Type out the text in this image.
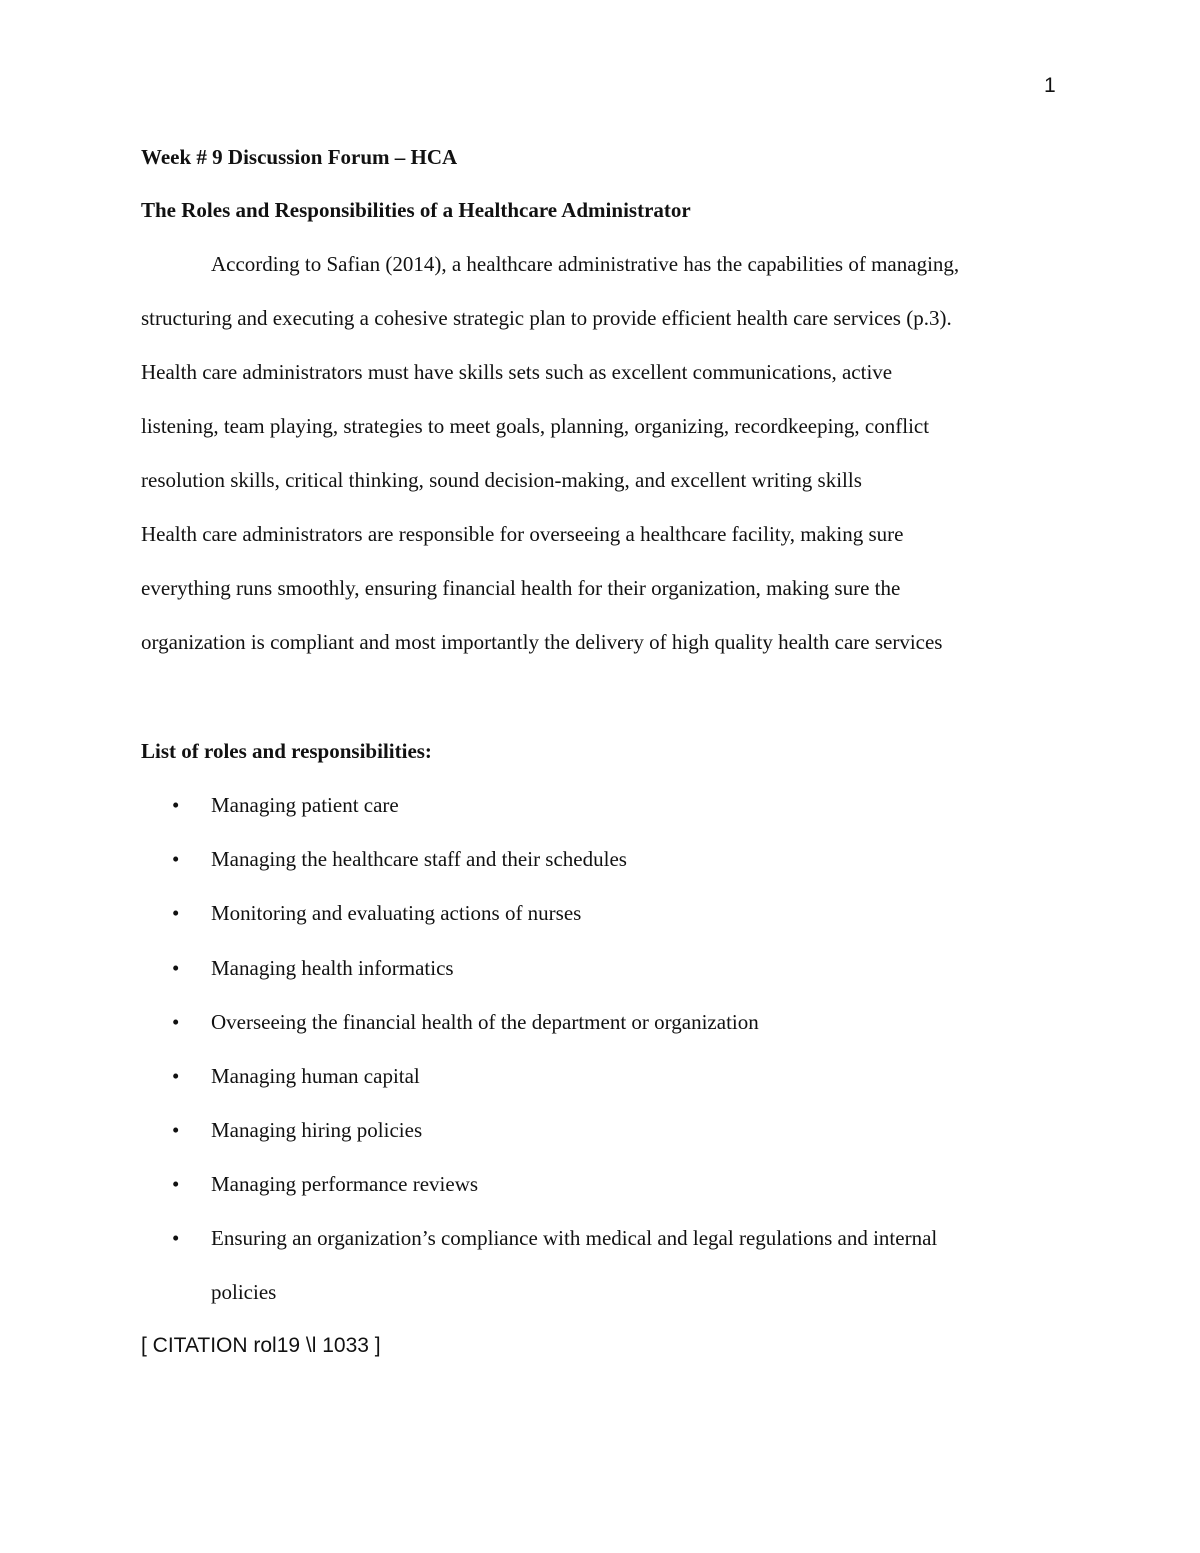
1
Week # 9 Discussion Forum – HCA
The Roles and Responsibilities of a Healthcare Administrator
According to Safian (2014), a healthcare administrative has the capabilities of managing,
structuring and executing a cohesive strategic plan to provide efficient health care services (p.3).
Health care administrators must have skills sets such as excellent communications, active
listening, team playing, strategies to meet goals, planning, organizing, recordkeeping, conflict
resolution skills, critical thinking, sound decision-making, and excellent writing skills
Health care administrators are responsible for overseeing a healthcare facility, making sure
everything runs smoothly, ensuring financial health for their organization, making sure the
organization is compliant and most importantly the delivery of high quality health care services
List of roles and responsibilities:
• Managing patient care
• Managing the healthcare staff and their schedules
• Monitoring and evaluating actions of nurses
• Managing health informatics
• Overseeing the financial health of the department or organization
• Managing human capital
• Managing hiring policies
• Managing performance reviews
• Ensuring an organization’s compliance with medical and legal regulations and internal
policies
[ CITATION rol19 \l 1033 ]
